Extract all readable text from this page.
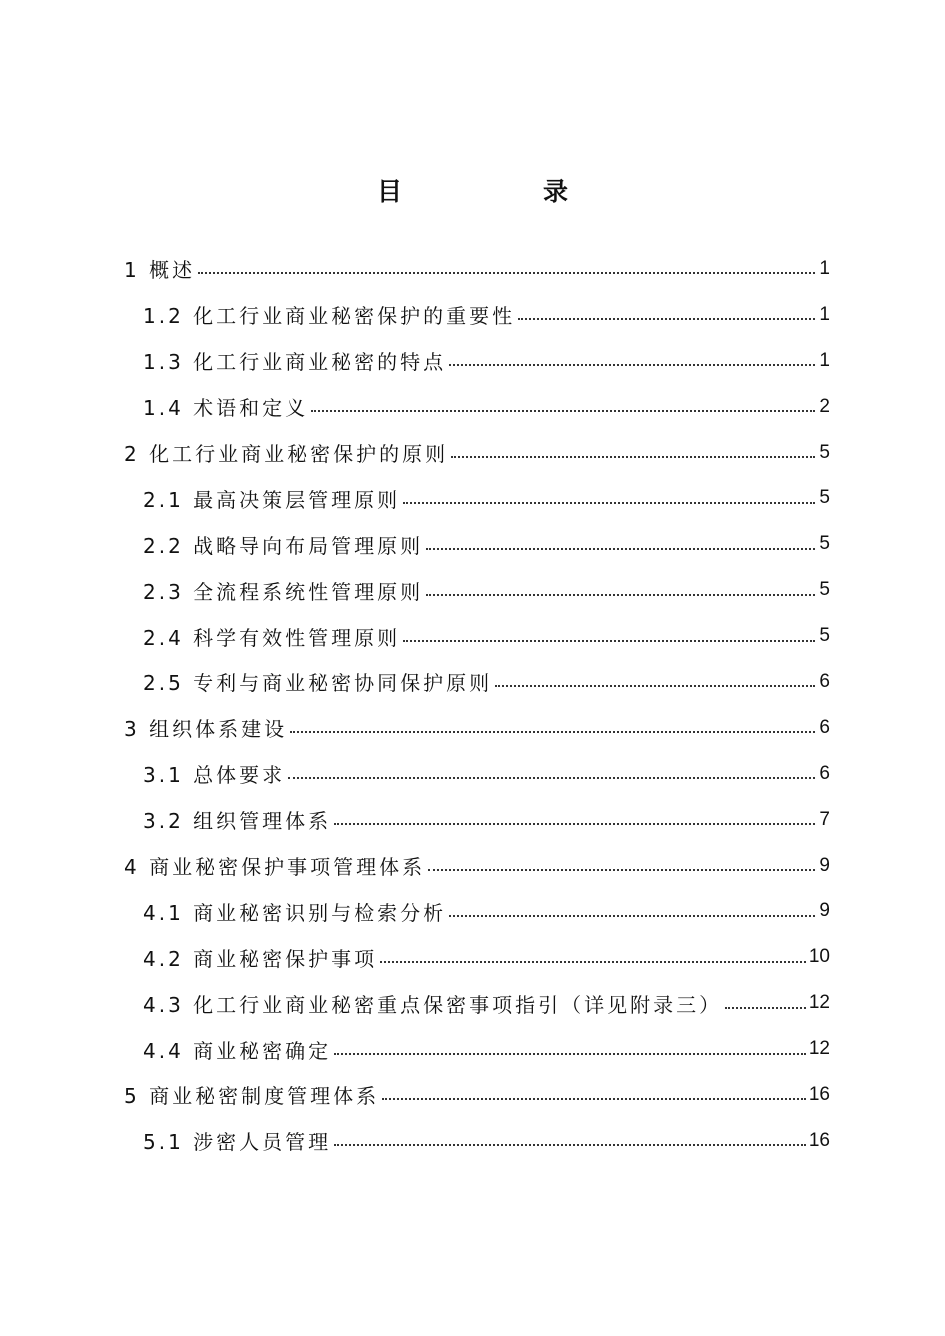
目　录
1 概述	1
1.2 化工行业商业秘密保护的重要性	1
1.3 化工行业商业秘密的特点	1
1.4 术语和定义	2
2 化工行业商业秘密保护的原则	5
2.1 最高决策层管理原则	5
2.2 战略导向布局管理原则	5
2.3 全流程系统性管理原则	5
2.4 科学有效性管理原则	5
2.5 专利与商业秘密协同保护原则	6
3 组织体系建设	6
3.1 总体要求	6
3.2 组织管理体系	7
4 商业秘密保护事项管理体系	9
4.1 商业秘密识别与检索分析	9
4.2 商业秘密保护事项	10
4.3 化工行业商业秘密重点保密事项指引（详见附录三）	12
4.4 商业秘密确定	12
5 商业秘密制度管理体系	16
5.1 涉密人员管理	16
